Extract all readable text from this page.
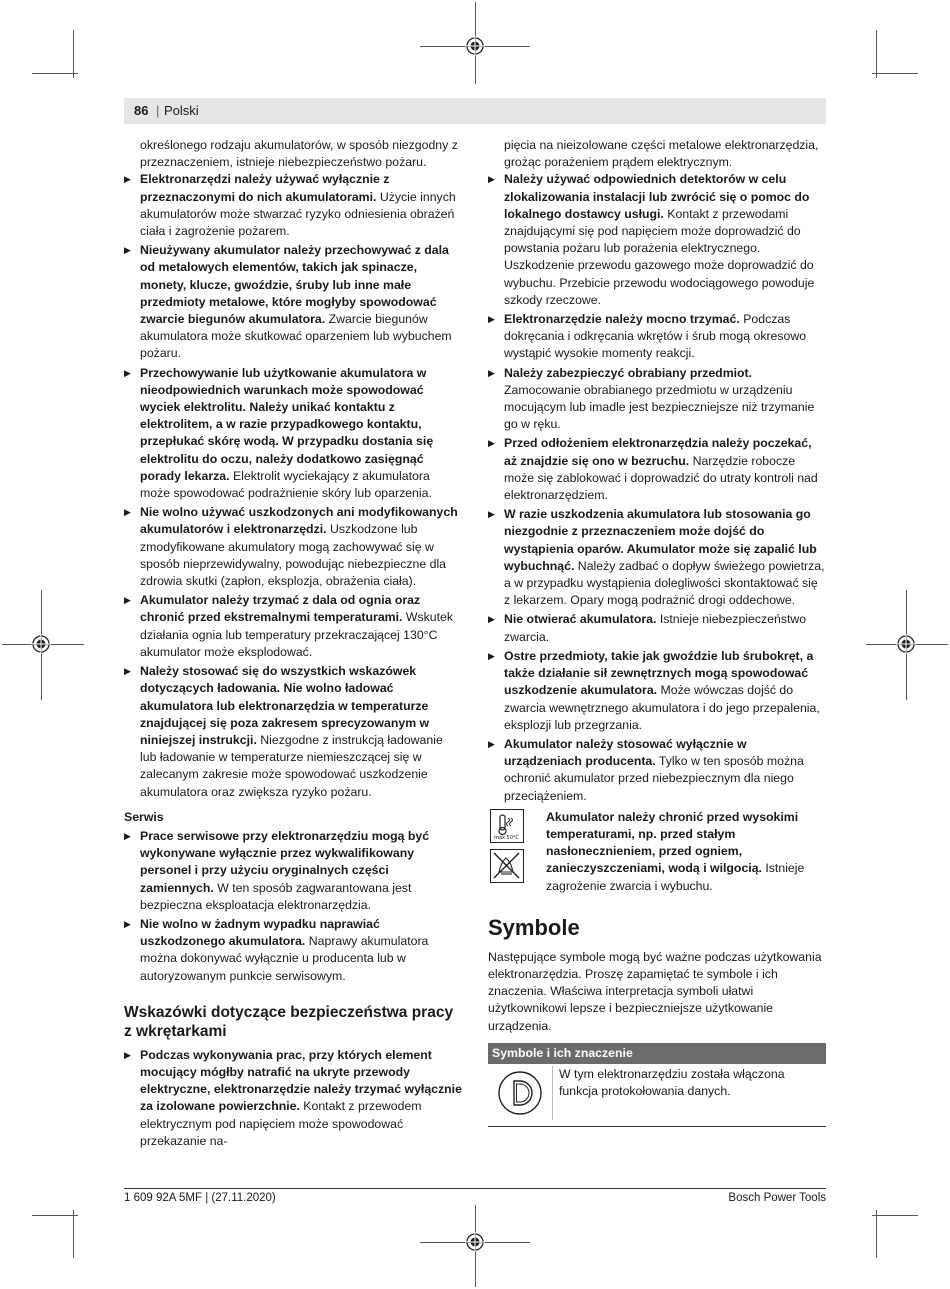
86 | Polski

określonego rodzaju akumulatorów, w sposób niezgodny z przeznaczeniem, istnieje niebezpieczeństwo pożaru.

▶ Elektronarzędzi należy używać wyłącznie z przeznaczonymi do nich akumulatorami. Użycie innych akumulatorów może stwarzać ryzyko odniesienia obrażeń ciała i zagrożenie pożarem.

▶ Nieużywany akumulator należy przechowywać z dala od metalowych elementów, takich jak spinacze, monety, klucze, gwoździe, śruby lub inne małe przedmioty metalowe, które mogłyby spowodować zwarcie biegunów akumulatora. Zwarcie biegunów akumulatora może skutkować oparzeniem lub wybuchem pożaru.

▶ Przechowywanie lub użytkowanie akumulatora w nieodpowiednich warunkach może spowodować wyciek elektrolitu. Należy unikać kontaktu z elektrolitem, a w razie przypadkowego kontaktu, przepłukać skórę wodą. W przypadku dostania się elektrolitu do oczu, należy dodatkowo zasięgnąć porady lekarza. Elektrolit wyciekający z akumulatora może spowodować podrażnienie skóry lub oparzenia.

▶ Nie wolno używać uszkodzonych ani modyfikowanych akumulatorów i elektronarzędzi. Uszkodzone lub zmodyfikowane akumulatory mogą zachowywać się w sposób nieprzewidywalny, powodując niebezpieczne dla zdrowia skutki (zapłon, eksplozja, obrażenia ciała).

▶ Akumulator należy trzymać z dala od ognia oraz chronić przed ekstremalnymi temperaturami. Wskutek działania ognia lub temperatury przekraczającej 130°C akumulator może eksplodować.

▶ Należy stosować się do wszystkich wskazówek dotyczących ładowania. Nie wolno ładować akumulatora lub elektronarzędzia w temperaturze znajdującej się poza zakresem sprecyzowanym w niniejszej instrukcji. Niezgodne z instrukcją ładowanie lub ładowanie w temperaturze niemieszczącej się w zalecanym zakresie może spowodować uszkodzenie akumulatora oraz zwiększa ryzyko pożaru.

Serwis

▶ Prace serwisowe przy elektronarzędziu mogą być wykonywane wyłącznie przez wykwalifikowany personel i przy użyciu oryginalnych części zamiennych. W ten sposób zagwarantowana jest bezpieczna eksploatacja elektronarzędzia.

▶ Nie wolno w żadnym wypadku naprawiać uszkodzonego akumulatora. Naprawy akumulatora można dokonywać wyłącznie u producenta lub w autoryzowanym punkcie serwisowym.

Wskazówki dotyczące bezpieczeństwa pracy z wkrętarkami

▶ Podczas wykonywania prac, przy których element mocujący mógłby natrafić na ukryte przewody elektryczne, elektronarzędzie należy trzymać wyłącznie za izolowane powierzchnie. Kontakt z przewodem elektrycznym pod napięciem może spowodować przekazanie na-

pięcia na nieizolowane części metalowe elektronarzędzia, grożąc porażeniem prądem elektrycznym.

▶ Należy używać odpowiednich detektorów w celu zlokalizowania instalacji lub zwrócić się o pomoc do lokalnego dostawcy usługi. Kontakt z przewodami znajdującymi się pod napięciem może doprowadzić do powstania pożaru lub porażenia elektrycznego. Uszkodzenie przewodu gazowego może doprowadzić do wybuchu. Przebicie przewodu wodociągowego powoduje szkody rzeczowe.

▶ Elektronarzędzie należy mocno trzymać. Podczas dokręcania i odkręcania wkrętów i śrub mogą okresowo wystąpić wysokie momenty reakcji.

▶ Należy zabezpieczyć obrabiany przedmiot. Zamocowanie obrabianego przedmiotu w urządzeniu mocującym lub imadle jest bezpieczniejsze niż trzymanie go w ręku.

▶ Przed odłożeniem elektronarzędzia należy poczekać, aż znajdzie się ono w bezruchu. Narzędzie robocze może się zablokować i doprowadzić do utraty kontroli nad elektronarzędziem.

▶ W razie uszkodzenia akumulatora lub stosowania go niezgodnie z przeznaczeniem może dojść do wystąpienia oparów. Akumulator może się zapalić lub wybuchnąć. Należy zadbać o dopływ świeżego powietrza, a w przypadku wystąpienia dolegliwości skontaktować się z lekarzem. Opary mogą podrażnić drogi oddechowe.

▶ Nie otwierać akumulatora. Istnieje niebezpieczeństwo zwarcia.

▶ Ostre przedmioty, takie jak gwoździe lub śrubokręt, a także działanie sił zewnętrznych mogą spowodować uszkodzenie akumulatora. Może wówczas dojść do zwarcia wewnętrznego akumulatora i do jego przepalenia, eksplozji lub przegrzania.

▶ Akumulator należy stosować wyłącznie w urządzeniach producenta. Tylko w ten sposób można ochronić akumulator przed niebezpiecznym dla niego przeciążeniem.

max.50°C
Akumulator należy chronić przed wysokimi temperaturami, np. przed stałym nasłonecznieniem, przed ogniem, zanieczyszczeniami, wodą i wilgocią. Istnieje zagrożenie zwarcia i wybuchu.
Symbole

Następujące symbole mogą być ważne podczas użytkowania elektronarzędzia. Proszę zapamiętać te symbole i ich znaczenia. Właściwa interpretacja symboli ułatwi użytkownikowi lepsze i bezpieczniejsze użytkowanie urządzenia.

Symbole i ich znaczenie
W tym elektronarzędziu została włączona funkcja protokołowania danych.
1 609 92A 5MF | (27.11.2020)	Bosch Power Tools
